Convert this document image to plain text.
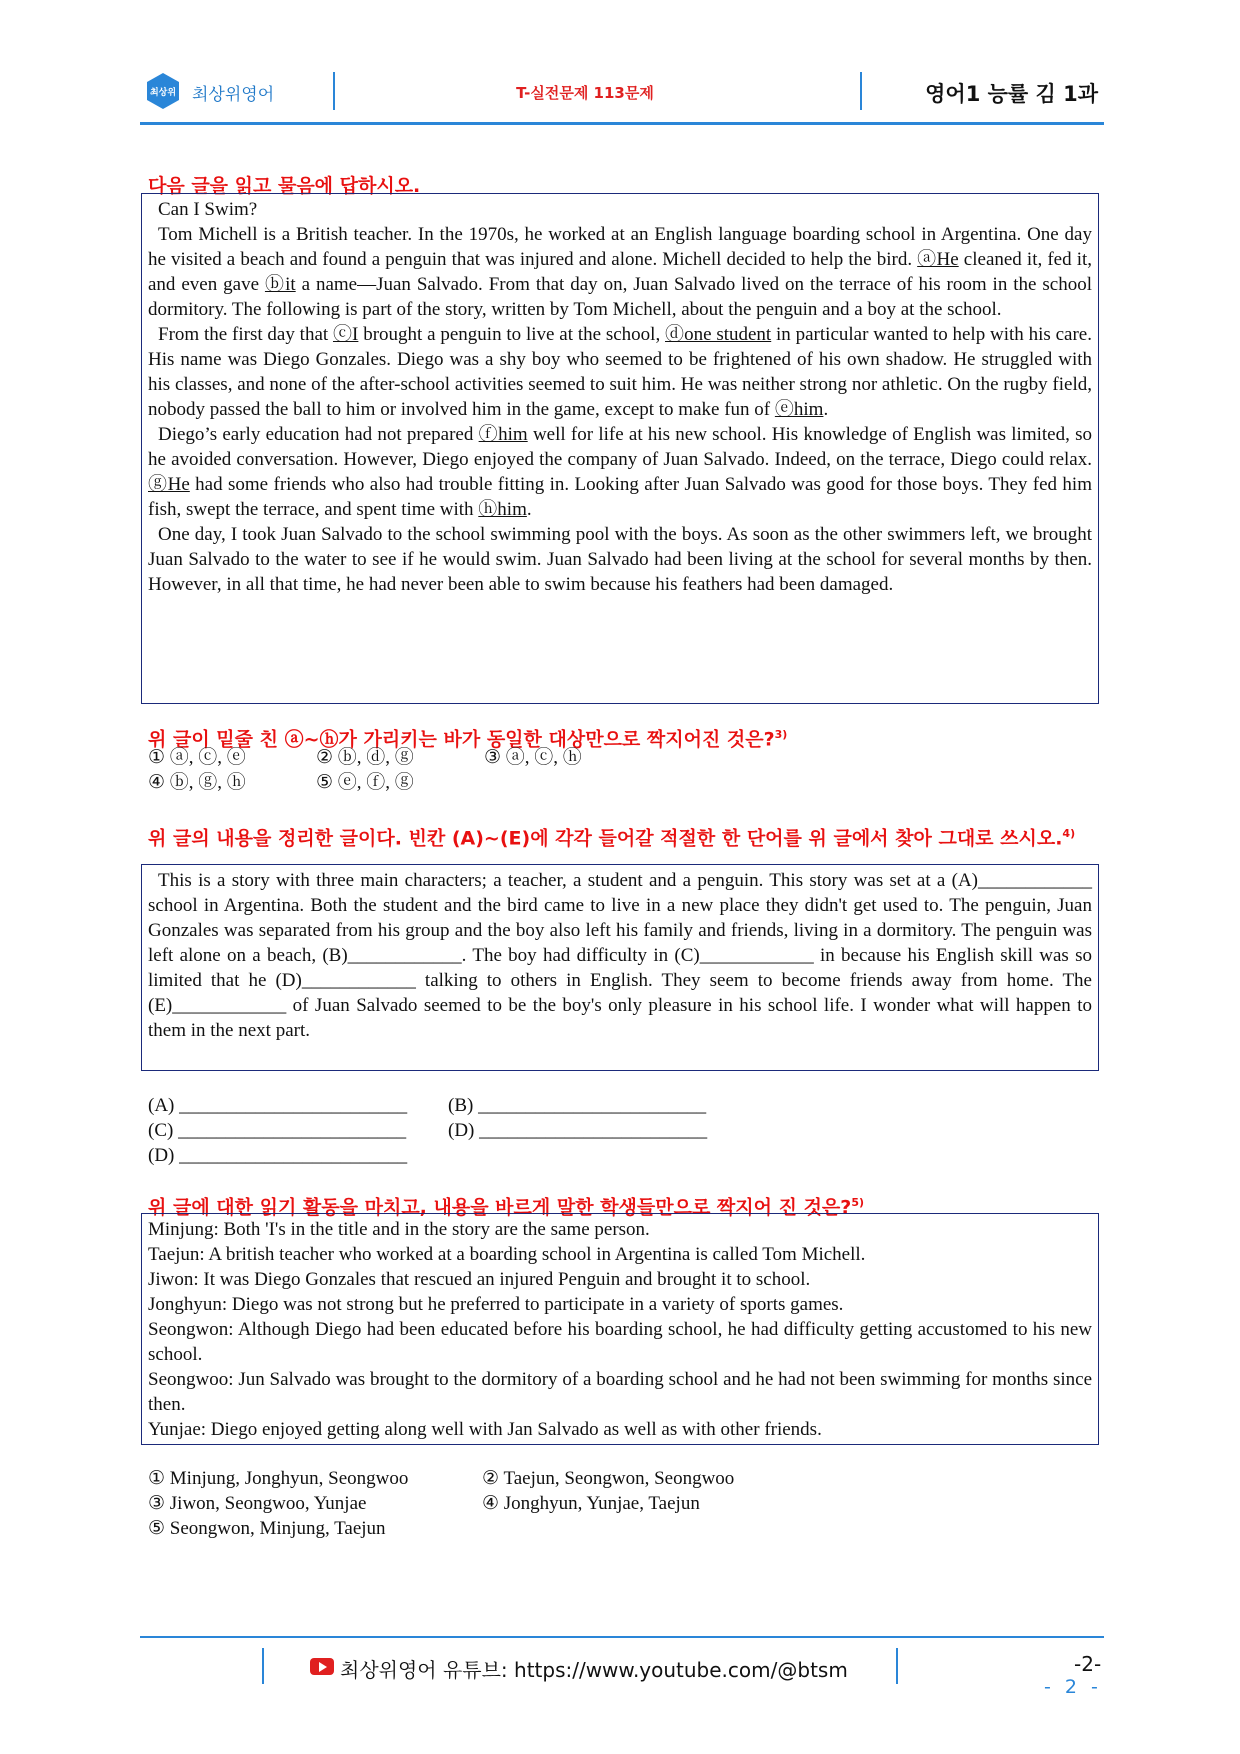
최상위 최상위영어	T-실전문제 113문제	영어1 능률 김 1과
다음 글을 읽고 물음에 답하시오.

Can I Swim?

Tom Michell is a British teacher. In the 1970s, he worked at an English language boarding school in Argentina. One day he visited a beach and found a penguin that was injured and alone. Michell decided to help the bird. ⓐHe cleaned it, fed it, and even gave ⓑit a name—Juan Salvado. From that day on, Juan Salvado lived on the terrace of his room in the school dormitory. The following is part of the story, written by Tom Michell, about the penguin and a boy at the school.

From the first day that ⓒI brought a penguin to live at the school, ⓓone student in particular wanted to help with his care. His name was Diego Gonzales. Diego was a shy boy who seemed to be frightened of his own shadow. He struggled with his classes, and none of the after-school activities seemed to suit him. He was neither strong nor athletic. On the rugby field, nobody passed the ball to him or involved him in the game, except to make fun of ⓔhim.

Diego’s early education had not prepared ⓕhim well for life at his new school. His knowledge of English was limited, so he avoided conversation. However, Diego enjoyed the company of Juan Salvado. Indeed, on the terrace, Diego could relax. ⓖHe had some friends who also had trouble fitting in. Looking after Juan Salvado was good for those boys. They fed him fish, swept the terrace, and spent time with ⓗhim.

One day, I took Juan Salvado to the school swimming pool with the boys. As soon as the other swimmers left, we brought Juan Salvado to the water to see if he would swim. Juan Salvado had been living at the school for several months by then. However, in all that time, he had never been able to swim because his feathers had been damaged.

위 글이 밑줄 친 ⓐ~ⓗ가 가리키는 바가 동일한 대상만으로 짝지어진 것은?$^{3)}$
① ⓐ, ⓒ, ⓔ	② ⓑ, ⓓ, ⓖ	③ ⓐ, ⓒ, ⓗ
④ ⓑ, ⓖ, ⓗ	⑤ ⓔ, ⓕ, ⓖ
위 글의 내용을 정리한 글이다. 빈칸 (A)~(E)에 각각 들어갈 적절한 한 단어를 위 글에서 찾아 그대로 쓰시오.$^{4)}$

This is a story with three main characters; a teacher, a student and a penguin. This story was set at a (A)____________ school in Argentina. Both the student and the bird came to live in a new place they didn't get used to. The penguin, Juan Gonzales was separated from his group and the boy also left his family and friends, living in a dormitory. The penguin was left alone on a beach, (B)____________. The boy had difficulty in (C)____________ in because his English skill was so limited that he (D)____________ talking to others in English. They seem to become friends away from home. The (E)____________ of Juan Salvado seemed to be the boy's only pleasure in his school life. I wonder what will happen to them in the next part.

(A) ________________________ (B) ________________________
(C) ________________________ (D) ________________________
(D) ________________________
위 글에 대한 읽기 활동을 마치고, 내용을 바르게 말한 학생들만으로 짝지어 진 것은?$^{5)}$

Minjung: Both 'I's in the title and in the story are the same person.

Taejun: A british teacher who worked at a boarding school in Argentina is called Tom Michell.

Jiwon: It was Diego Gonzales that rescued an injured Penguin and brought it to school.

Jonghyun: Diego was not strong but he preferred to participate in a variety of sports games.

Seongwon: Although Diego had been educated before his boarding school, he had difficulty getting accustomed to his new school.

Seongwoo: Jun Salvado was brought to the dormitory of a boarding school and he had not been swimming for months since then.

Yunjae: Diego enjoyed getting along well with Jan Salvado as well as with other friends.

① Minjung, Jonghyun, Seongwoo	② Taejun, Seongwon, Seongwoo
③ Jiwon, Seongwoo, Yunjae	④ Jonghyun, Yunjae, Taejun
⑤ Seongwon, Minjung, Taejun
최상위영어 유튜브: https://www.youtube.com/@btsm	-2-
- 2 -
